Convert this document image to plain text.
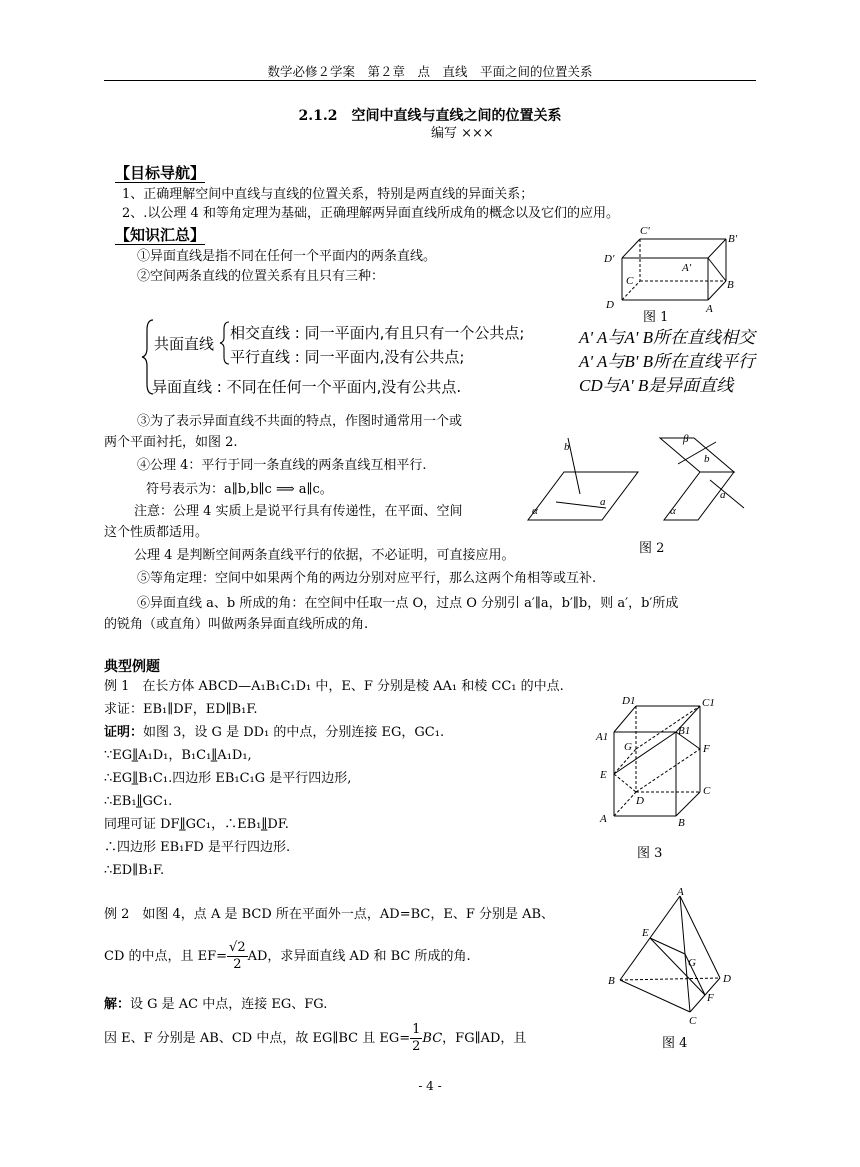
数学必修２学案　第２章　点　直线　平面之间的位置关系
2.1.2　空间中直线与直线之间的位置关系
编写 ×××
【目标导航】
1、正确理解空间中直线与直线的位置关系，特别是两直线的异面关系；
2、.以公理 4 和等角定理为基础，正确理解两异面直线所成角的概念以及它们的应用。
【知识汇总】
①异面直线是指不同在任何一个平面内的两条直线。
②空间两条直线的位置关系有且只有三种：
共面直线
相交直线 : 同一平面内,有且只有一个公共点;
平行直线 : 同一平面内,没有公共点;
异面直线 : 不同在任何一个平面内,没有公共点.
C′
B′
D′
A′
C
D
B
A
图 1
A' A与A' B所在直线相交
A' A与B' B所在直线平行
CD与A' B是异面直线
③为了表示异面直线不共面的特点，作图时通常用一个或
两个平面衬托，如图 2.
④公理 4：平行于同一条直线的两条直线互相平行.
符号表示为：a∥b,b∥c ⟹ a∥c。
注意：公理 4 实质上是说平行具有传递性，在平面、空间
这个性质都适用。
公理 4 是判断空间两条直线平行的依据，不必证明，可直接应用。
⑤等角定理：空间中如果两个角的两边分别对应平行，那么这两个角相等或互补.
⑥异面直线 a、b 所成的角：在空间中任取一点 O，过点 O 分别引 a′∥a，b′∥b，则 a′，b′所成
的锐角（或直角）叫做两条异面直线所成的角.
b
a
α
β
b
a
α
图 2
典型例题
例 1　在长方体 ABCD—A₁B₁C₁D₁ 中，E、F 分别是棱 AA₁ 和棱 CC₁ 的中点.
求证：EB₁∥DF，ED∥B₁F.
证明：如图 3，设 G 是 DD₁ 的中点，分别连接 EG，GC₁.
∵EG∥̳A₁D₁，B₁C₁∥̳A₁D₁,
∴EG∥̳B₁C₁.四边形 EB₁C₁G 是平行四边形,
∴EB₁∥̳GC₁.
同理可证 DF∥̳GC₁，∴EB₁∥̳DF.
∴四边形 EB₁FD 是平行四边形.
∴ED∥B₁F.
D1	C1
A1	B1
G	F
E
D
C
A	B
图 3
例 2　如图 4，点 A 是 BCD 所在平面外一点，AD=BC，E、F 分别是 AB、
CD 的中点，且 $EF= \frac{√2}{2}$ AD，求异面直线 AD 和 BC 所成的角.
解：设 G 是 AC 中点，连接 EG、FG.
因 E、F 分别是 AB、CD 中点，故 EG∥BC 且 $EG= \frac{1}{2}$ BC，FG∥AD，且
A
E
G
B	D
F
C
图 4
- 4 -
